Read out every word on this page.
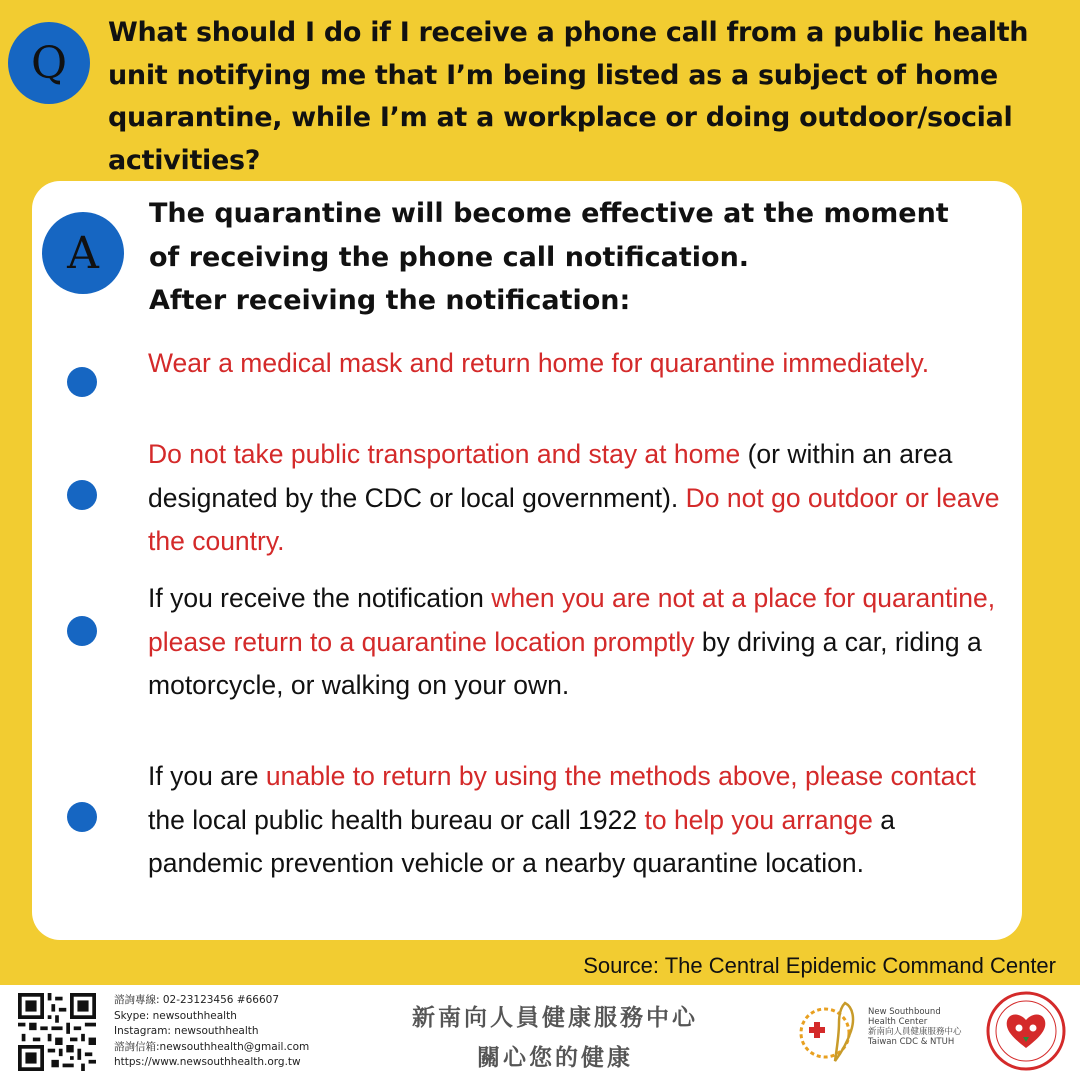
Q
What should I do if I receive a phone call from a public health unit notifying me that I’m being listed as a subject of home quarantine, while I’m at a workplace or doing outdoor/social activities?
A
The quarantine will become effective at the moment of receiving the phone call notification.
After receiving the notification:
Wear a medical mask and return home for quarantine immediately.
Do not take public transportation and stay at home (or within an area designated by the CDC or local government). Do not go outdoor or leave the country.
If you receive the notification when you are not at a place for quarantine, please return to a quarantine location promptly by driving a car, riding a motorcycle, or walking on your own.
If you are unable to return by using the methods above, please contact the local public health bureau or call 1922 to help you arrange a pandemic prevention vehicle or a nearby quarantine location.
Source: The Central Epidemic Command Center
諮詢專線: 02-23123456 #66607
Skype: newsouthhealth
Instagram: newsouthhealth
諮詢信箱:newsouthhealth@gmail.com
https://www.newsouthhealth.org.tw
新南向人員健康服務中心
關心您的健康
New Southbound
Health Center
新南向人員健康服務中心
Taiwan CDC & NTUH
